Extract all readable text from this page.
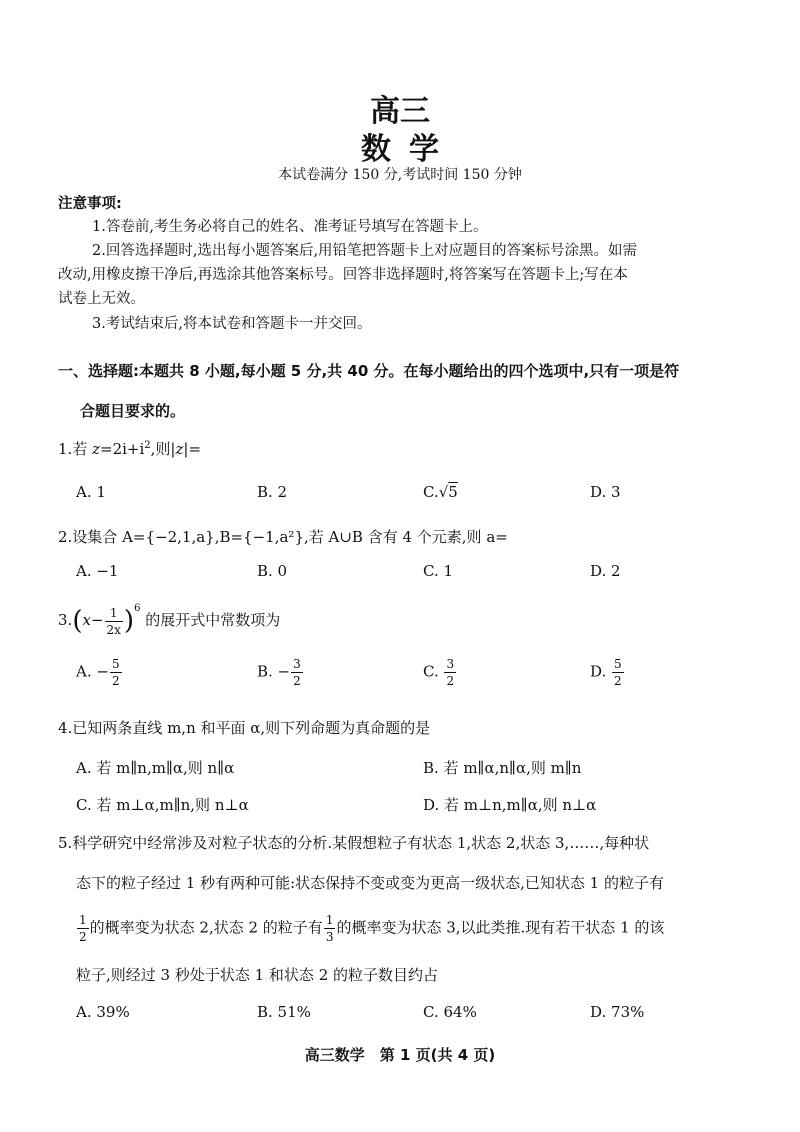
高三
数学
本试卷满分 150 分,考试时间 150 分钟
注意事项:
1.答卷前,考生务必将自己的姓名、准考证号填写在答题卡上。
2.回答选择题时,选出每小题答案后,用铅笔把答题卡上对应题目的答案标号涂黑。如需
改动,用橡皮擦干净后,再选涂其他答案标号。回答非选择题时,将答案写在答题卡上;写在本
试卷上无效。
3.考试结束后,将本试卷和答题卡一并交回。
一、选择题:本题共 8 小题,每小题 5 分,共 40 分。在每小题给出的四个选项中,只有一项是符
合题目要求的。
1.若 $z=2i+i^2$,则|z|=
A. 1	B. 2	C.√5	D. 3
2.设集合 A={−2,1,a},B={−1,a²},若 A∪B 含有 4 个元素,则 a=
A. −1	B. 0	C. 1	D. 2
$3.(x- \frac{1}{2x} )^6$ 的展开式中常数项为
A. − $\frac{5}{2}$	B. − $\frac{3}{2}$	C. $\frac{3}{2}$	D. $\frac{5}{2}$
4.已知两条直线 m,n 和平面 α,则下列命题为真命题的是
A. 若 m∥n,m∥α,则 n∥α	B. 若 m∥α,n∥α,则 m∥n
C. 若 m⊥α,m∥n,则 n⊥α	D. 若 m⊥n,m∥α,则 n⊥α
5.科学研究中经常涉及对粒子状态的分析.某假想粒子有状态 1,状态 2,状态 3,……,每种状
态下的粒子经过 1 秒有两种可能:状态保持不变或变为更高一级状态,已知状态 1 的粒子有
$\frac{1}{2}$ 的概率变为状态 2,状态 2 的粒子有 $\frac{1}{3}$ 的概率变为状态 3,以此类推.现有若干状态 1 的该
粒子,则经过 3 秒处于状态 1 和状态 2 的粒子数目约占
A. 39%	B. 51%	C. 64%	D. 73%
高三数学　第 1 页(共 4 页)
